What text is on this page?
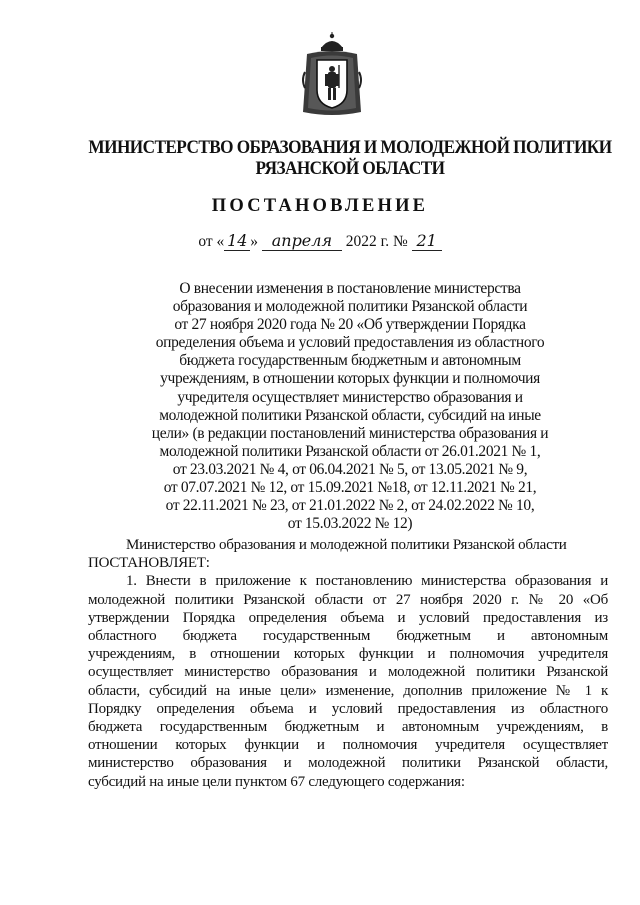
МИНИСТЕРСТВО ОБРАЗОВАНИЯ И МОЛОДЕЖНОЙ ПОЛИТИКИ
РЯЗАНСКОЙ ОБЛАСТИ
ПОСТАНОВЛЕНИЕ
от « 14 » апреля 2022 г. № 21
О внесении изменения в постановление министерства
образования и молодежной политики Рязанской области
от 27 ноября 2020 года № 20 «Об утверждении Порядка
определения объема и условий предоставления из областного
бюджета государственным бюджетным и автономным
учреждениям, в отношении которых функции и полномочия
учредителя осуществляет министерство образования и
молодежной политики Рязанской области, субсидий на иные
цели» (в редакции постановлений министерства образования и
молодежной политики Рязанской области от 26.01.2021 № 1,
от 23.03.2021 № 4, от 06.04.2021 № 5, от 13.05.2021 № 9,
от 07.07.2021 № 12, от 15.09.2021 №18, от 12.11.2021 № 21,
от 22.11.2021 № 23, от 21.01.2022 № 2, от 24.02.2022 № 10,
от 15.03.2022 № 12)
Министерство образования и молодежной политики Рязанской области
ПОСТАНОВЛЯЕТ:
1. Внести в приложение к постановлению министерства образования и
молодежной политики Рязанской области от 27 ноября 2020 г. № 20 «Об
утверждении Порядка определения объема и условий предоставления из
областного бюджета государственным бюджетным и автономным
учреждениям, в отношении которых функции и полномочия учредителя
осуществляет министерство образования и молодежной политики Рязанской
области, субсидий на иные цели» изменение, дополнив приложение № 1 к
Порядку определения объема и условий предоставления из областного
бюджета государственным бюджетным и автономным учреждениям, в
отношении которых функции и полномочия учредителя осуществляет
министерство образования и молодежной политики Рязанской области,
субсидий на иные цели пунктом 67 следующего содержания:
